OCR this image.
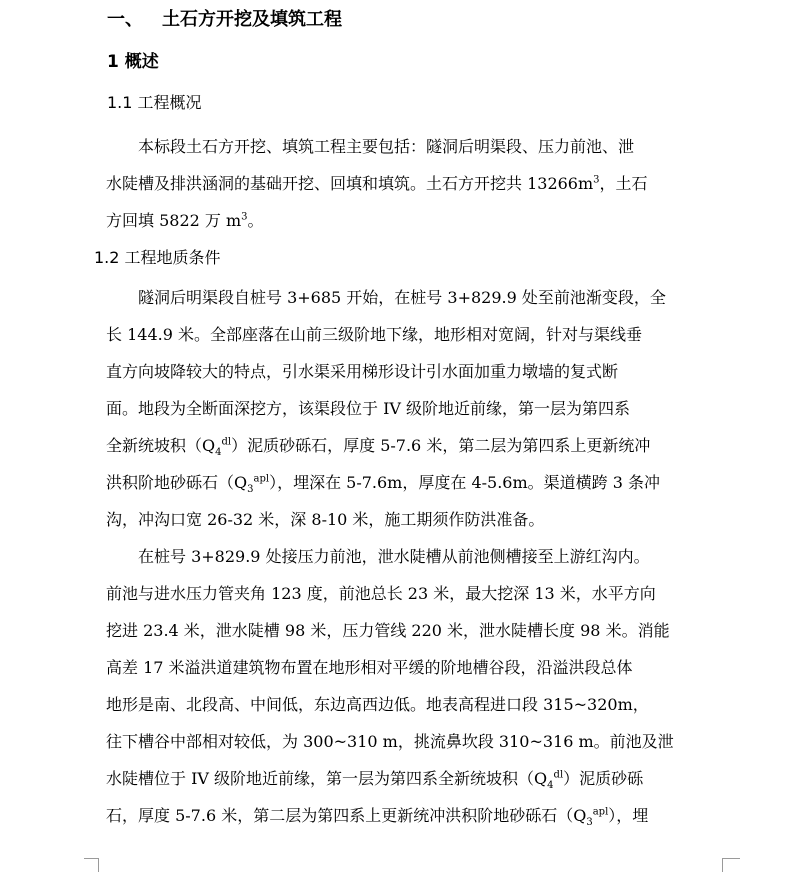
一、 土石方开挖及填筑工程
1 概述
1.1 工程概况
本标段土石方开挖、填筑工程主要包括：隧洞后明渠段、压力前池、泄
水陡槽及排洪涵洞的基础开挖、回填和填筑。土石方开挖共 $13266m^3$，土石
方回填 5822 万 $m^3$。
1.2 工程地质条件
隧洞后明渠段自桩号 3+685 开始，在桩号 3+829.9 处至前池渐变段，全
长 144.9 米。全部座落在山前三级阶地下缘，地形相对宽阔，针对与渠线垂
直方向坡降较大的特点，引水渠采用梯形设计引水面加重力墩墙的复式断
面。地段为全断面深挖方，该渠段位于 IV 级阶地近前缘，第一层为第四系
全新统坡积$(Q_4^{dl})$泥质砂砾石，厚度 5-7.6 米，第二层为第四系上更新统冲
洪积阶地砂砾石$(Q_3^{apl})$，埋深在 5-7.6m，厚度在 4-5.6m。渠道横跨 3 条冲
沟，冲沟口宽 26-32 米，深 8-10 米，施工期须作防洪准备。
在桩号 3+829.9 处接压力前池，泄水陡槽从前池侧槽接至上游红沟内。
前池与进水压力管夹角 123 度，前池总长 23 米，最大挖深 13 米，水平方向
挖进 23.4 米，泄水陡槽 98 米，压力管线 220 米，泄水陡槽长度 98 米。消能
高差 17 米溢洪道建筑物布置在地形相对平缓的阶地槽谷段，沿溢洪段总体
地形是南、北段高、中间低，东边高西边低。地表高程进口段 315~320m，
往下槽谷中部相对较低，为 300~310 m，挑流鼻坎段 310~316 m。前池及泄
水陡槽位于 IV 级阶地近前缘，第一层为第四系全新统坡积$(Q_4^{dl})$泥质砂砾
石，厚度 5-7.6 米，第二层为第四系上更新统冲洪积阶地砂砾石$(Q_3^{apl})$，埋
